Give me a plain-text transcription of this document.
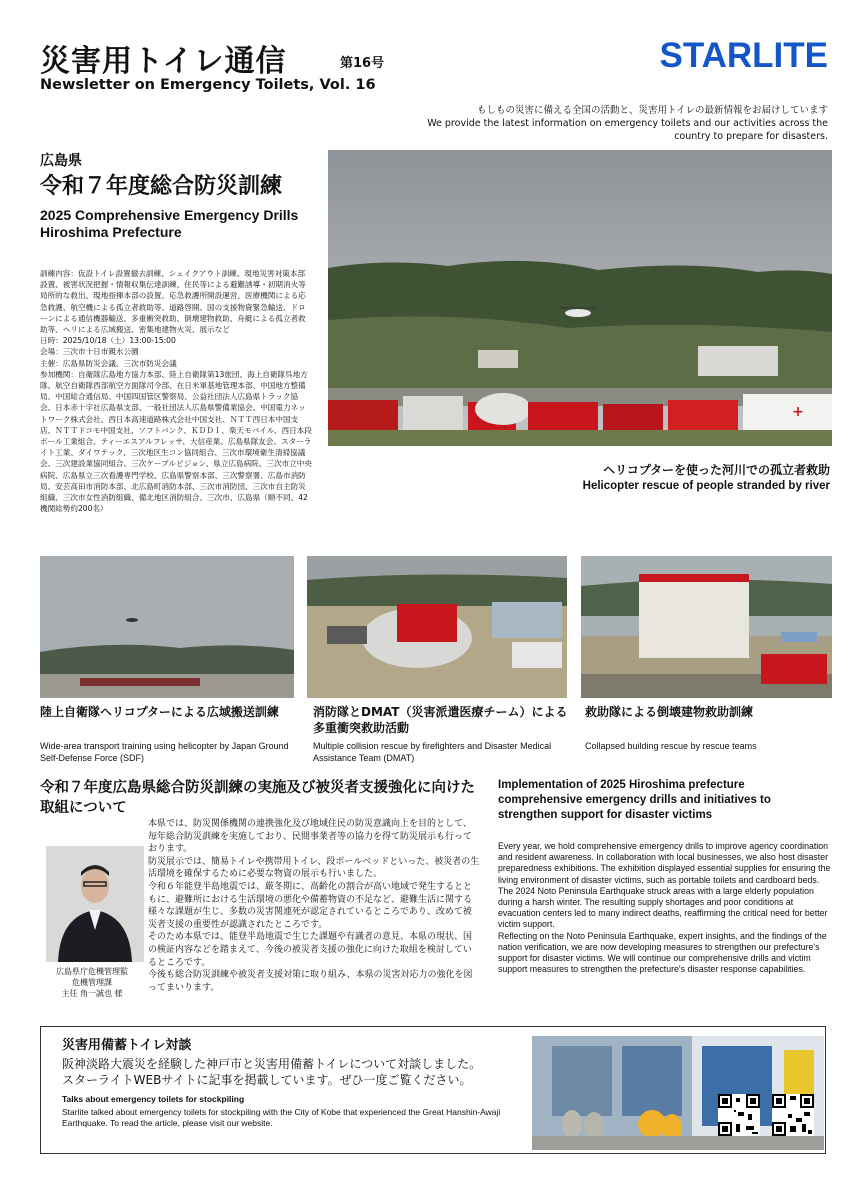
災害用トイレ通信	第16号
Newsletter on Emergency Toilets, Vol. 16
STARLITE
もしもの災害に備える全国の活動と、災害用トイレの最新情報をお届けしています
We provide the latest information on emergency toilets and our activities across the country to prepare for disasters.
広島県
令和７年度総合防災訓練
2025 Comprehensive Emergency Drills Hiroshima Prefecture
訓練内容：仮設トイレ設置撤去訓練、シェイクアウト訓練、現地災害対策本部設置、被害状況把握・情報収集伝達訓練、住民等による避難誘導・初期消火等局所的な救出、現地指揮本部の設置、応急救護所開設運営、医療機関による応急救護、航空機による孤立者救助等、道路啓開、国の支援物資緊急輸送、ドローンによる通信機器輸送、多重衝突救助、倒壊建物救助、舟艇による孤立者救助等、ヘリによる広域搬送、密集地建物火災、展示など
日時：2025/10/18（土）13:00-15:00
会場：三次市十日市親水公園
主催：広島県防災会議、三次市防災会議
参加機関：自衛隊広島地方協力本部、陸上自衛隊第13旅団、海上自衛隊呉地方隊、航空自衛隊西部航空方面隊司令部、在日米軍基地管理本部、中国地方整備局、中国総合通信局、中国四国管区警察局、公益社団法人広島県トラック協会、日本赤十字社広島県支部、一般社団法人広島県警備業協会、中国電力ネットワーク株式会社、西日本高速道路株式会社中国支社、ＮＴＴ西日本中国支店、ＮＴＴドコモ中国支社、ソフトバンク、ＫＤＤＩ、楽天モバイル、西日本段ボール工業組合、ティーエスアルフレッサ、大信産業、広島県隊友会、スターライト工業、ダイワテック、三次地区生コン協同組合、三次市環境衛生清掃協議会、三次建設業協同組合、三次ケーブルビジョン、県立広島病院、三次市立中央病院、広島県立三次看護専門学校、広島県警察本部、三次警察署、広島市消防局、安芸高田市消防本部、北広島町消防本部、三次市消防団、三次市自主防災組織、三次市女性消防組織、備北地区消防組合、三次市、広島県（順不同、42機関総勢約200名）
+
ヘリコプターを使った河川での孤立者救助
Helicopter rescue of people stranded by river
陸上自衛隊ヘリコプターによる広域搬送訓練
Wide-area transport training using helicopter by Japan Ground Self-Defense Force (SDF)
消防隊とDMAT（災害派遣医療チーム）による多重衝突救助活動
Multiple collision rescue by firefighters and Disaster Medical Assistance Team (DMAT)
救助隊による倒壊建物救助訓練
Collapsed building rescue by rescue teams
令和７年度広島県総合防災訓練の実施及び被災者支援強化に向けた取組について
広島県庁危機管理監
危機管理課
主任 角一誠也 様
本県では、防災関係機関の連携強化及び地域住民の防災意識向上を目的として、毎年総合防災訓練を実施しており、民間事業者等の協力を得て防災展示も行っております。
防災展示では、簡易トイレや携帯用トイレ、段ボールベッドといった、被災者の生活環境を確保するために必要な物資の展示も行いました。
令和６年能登半島地震では、厳冬期に、高齢化の割合が高い地域で発生するとともに、避難所における生活環境の悪化や備蓄物資の不足など、避難生活に関する様々な課題が生じ、多数の災害関連死が認定されているところであり、改めて被災者支援の重要性が認識されたところです。
そのため本県では、能登半島地震で生じた課題や有識者の意見、本県の現状、国の検証内容などを踏まえて、今後の被災者支援の強化に向けた取組を検討しているところです。
今後も総合防災訓練や被災者支援対策に取り組み、本県の災害対応力の強化を図ってまいります。
Implementation of 2025 Hiroshima prefecture comprehensive emergency drills and initiatives to strengthen support for disaster victims
Every year, we hold comprehensive emergency drills to improve agency coordination and resident awareness. In collaboration with local businesses, we also host disaster preparedness exhibitions. The exhibition displayed essential supplies for ensuring the living environment of disaster victims, such as portable toilets and cardboard beds.
The 2024 Noto Peninsula Earthquake struck areas with a large elderly population during a harsh winter. The resulting supply shortages and poor conditions at evacuation centers led to many indirect deaths, reaffirming the critical need for better victim support.
Reflecting on the Noto Peninsula Earthquake, expert insights, and the findings of the nation verification, we are now developing measures to strengthen our prefecture's support for disaster victims. We will continue our comprehensive drills and victim support measures to strengthen the prefecture's disaster response capabilities.
災害用備蓄トイレ対談
阪神淡路大震災を経験した神戸市と災害用備蓄トイレについて対談しました。
スターライトWEBサイトに記事を掲載しています。ぜひ一度ご覧ください。
Talks about emergency toilets for stockpiling
Starlite talked about emergency toilets for stockpiling with the City of Kobe that experienced the Great Hanshin-Awaji Earthquake. To read the article, please visit our website.
